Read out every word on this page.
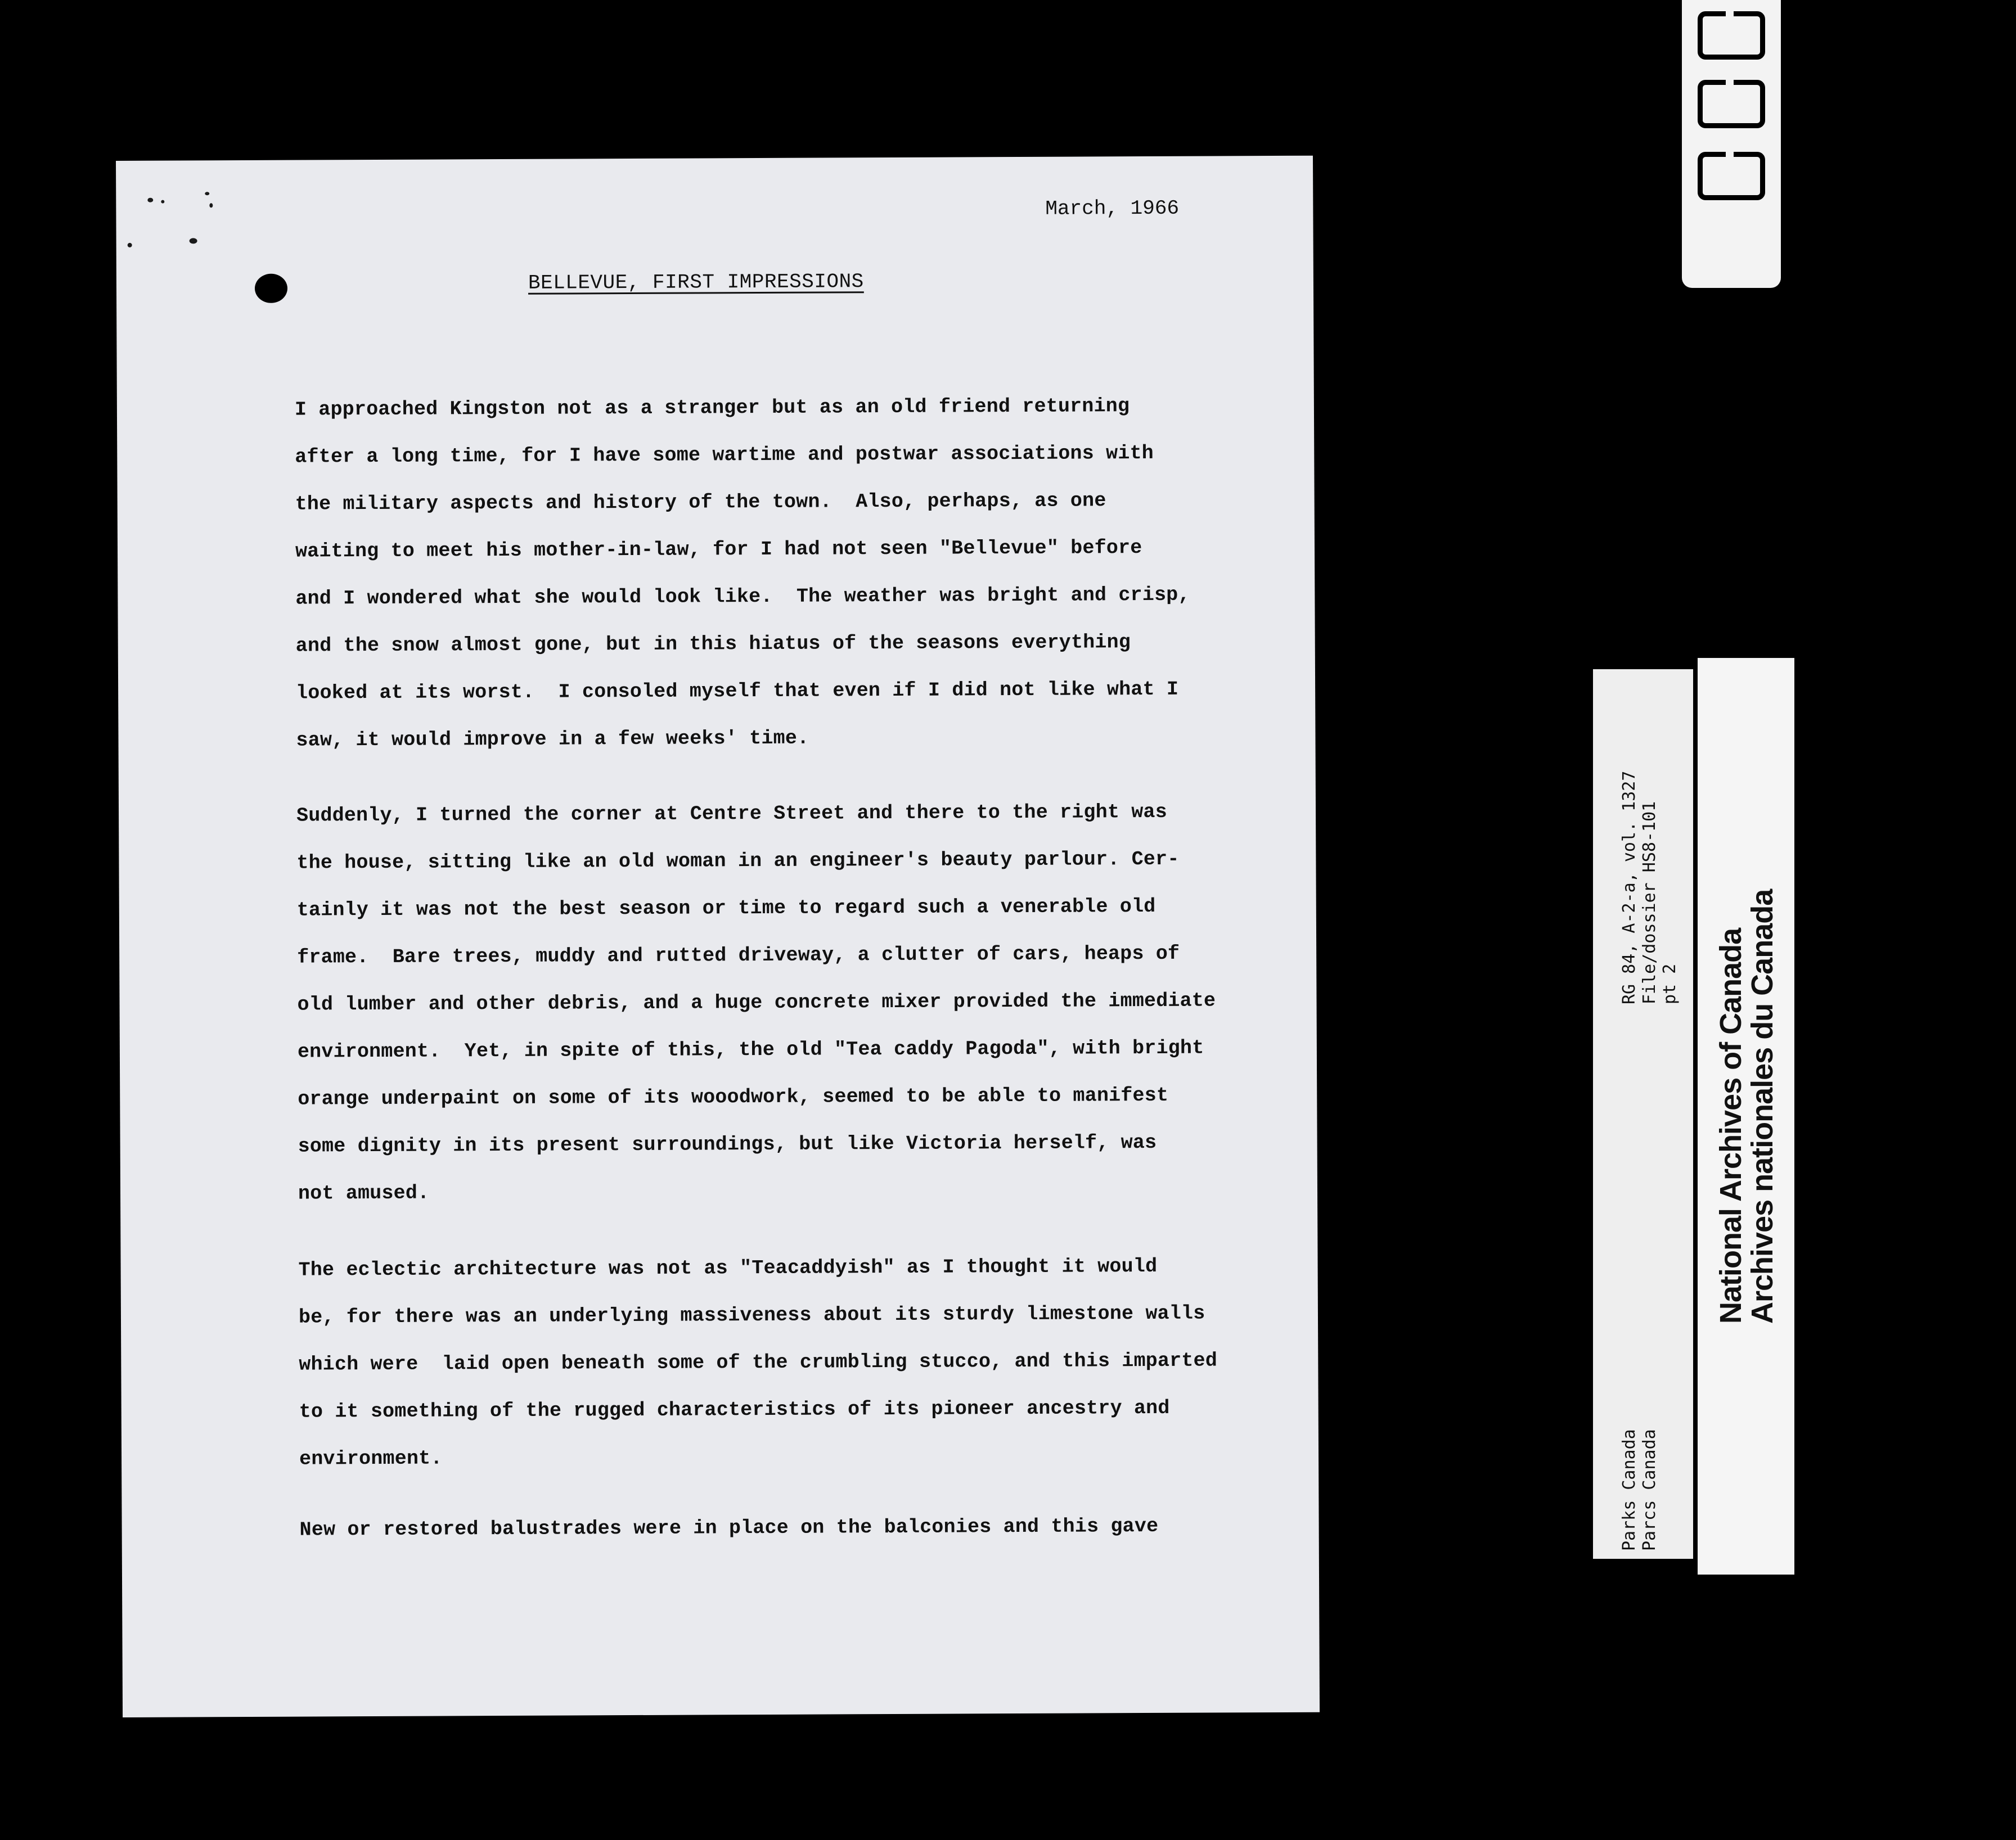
March, 1966
BELLEVUE, FIRST IMPRESSIONS
I approached Kingston not as a stranger but as an old friend returning
after a long time, for I have some wartime and postwar associations with
the military aspects and history of the town.  Also, perhaps, as one
waiting to meet his mother-in-law, for I had not seen "Bellevue" before
and I wondered what she would look like.  The weather was bright and crisp,
and the snow almost gone, but in this hiatus of the seasons everything
looked at its worst.  I consoled myself that even if I did not like what I
saw, it would improve in a few weeks' time.
Suddenly, I turned the corner at Centre Street and there to the right was
the house, sitting like an old woman in an engineer's beauty parlour. Cer-
tainly it was not the best season or time to regard such a venerable old
frame.  Bare trees, muddy and rutted driveway, a clutter of cars, heaps of
old lumber and other debris, and a huge concrete mixer provided the immediate
environment.  Yet, in spite of this, the old "Tea caddy Pagoda", with bright
orange underpaint on some of its wooodwork, seemed to be able to manifest
some dignity in its present surroundings, but like Victoria herself, was
not amused.
The eclectic architecture was not as "Teacaddyish" as I thought it would
be, for there was an underlying massiveness about its sturdy limestone walls
which were  laid open beneath some of the crumbling stucco, and this imparted
to it something of the rugged characteristics of its pioneer ancestry and
environment.
New or restored balustrades were in place on the balconies and this gave
RG 84, A-2-a, vol. 1327 File/dossier HS8-101 pt 2
Parks Canada Parcs Canada
National Archives of Canada
Archives nationales du Canada
